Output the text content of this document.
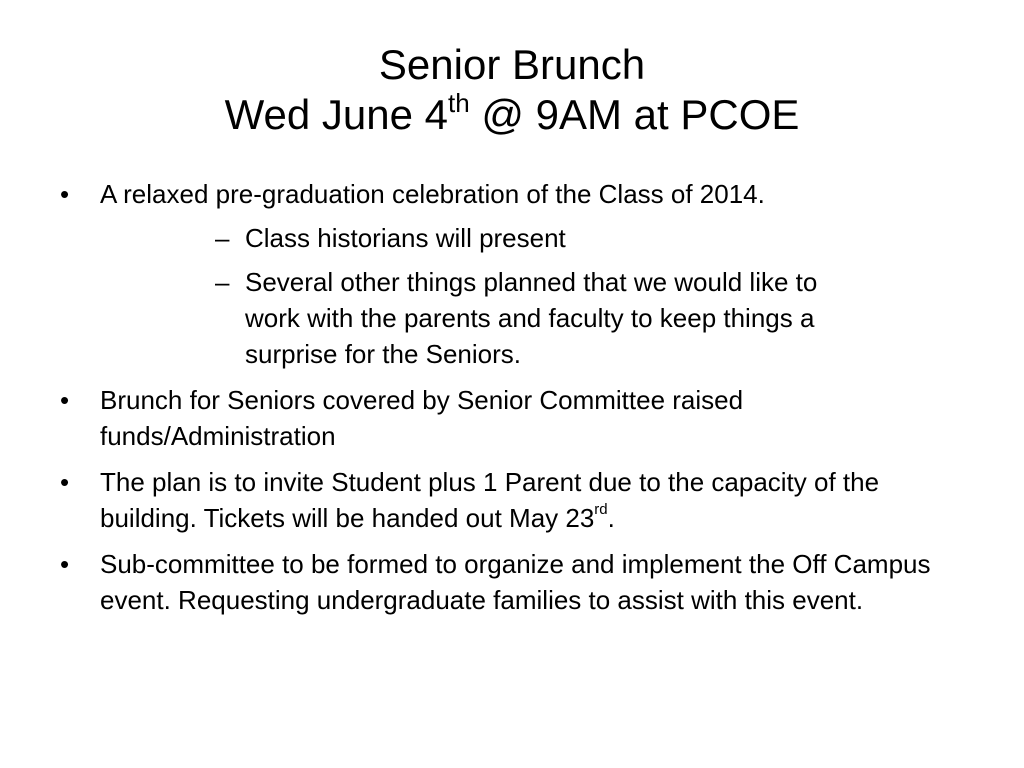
Senior Brunch
Wed June 4th @ 9AM at PCOE
• A relaxed pre-graduation celebration of the Class of 2014.
– Class historians will present
– Several other things planned that we would like to work with the parents and faculty to keep things a surprise for the Seniors.
• Brunch for Seniors covered by Senior Committee raised funds/Administration
• The plan is to invite Student plus 1 Parent due to the capacity of the building. Tickets will be handed out May 23rd.
• Sub-committee to be formed to organize and implement the Off Campus event. Requesting undergraduate families to assist with this event.
